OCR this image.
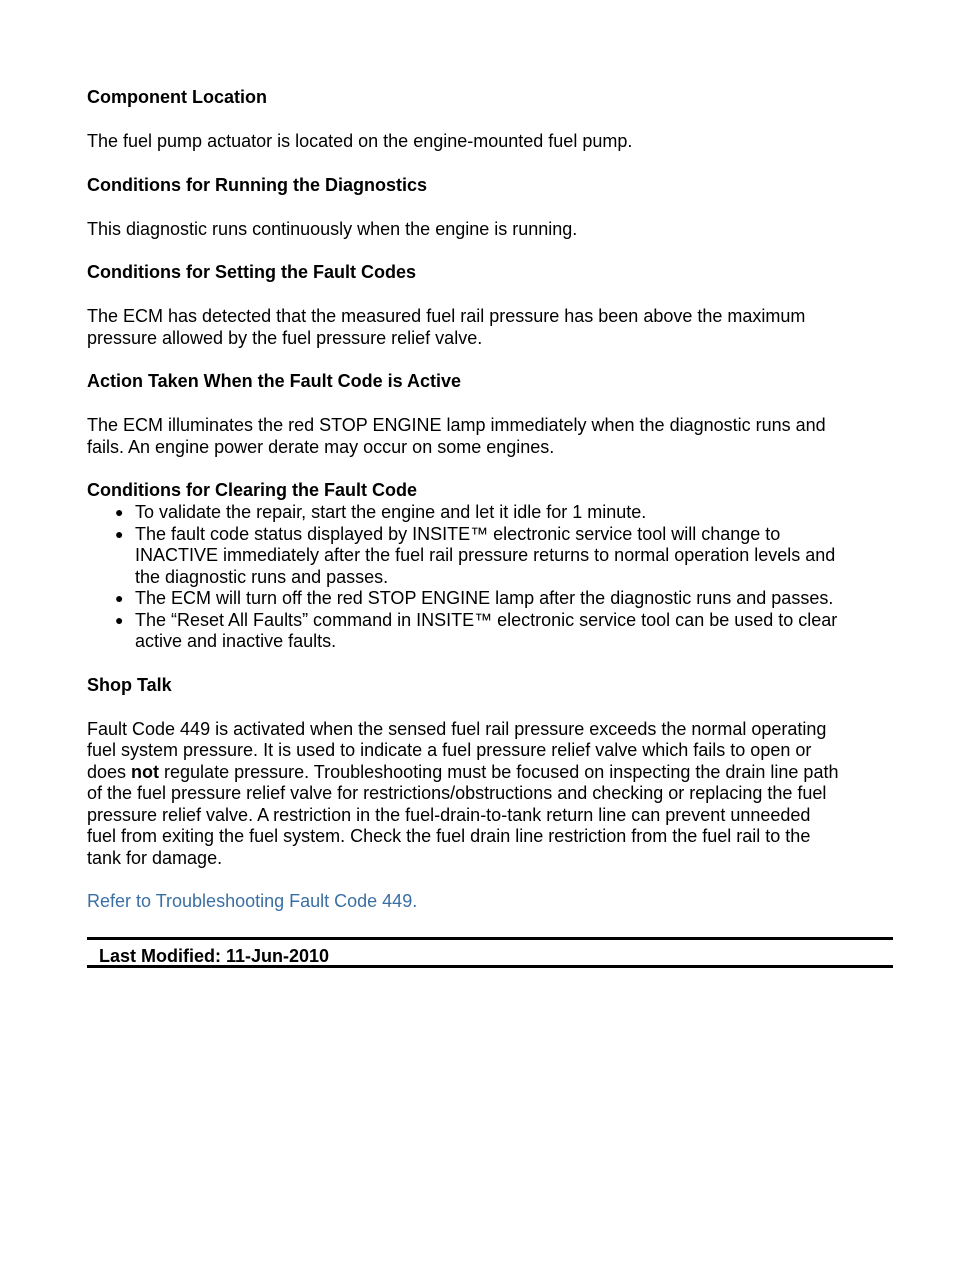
Component Location

The fuel pump actuator is located on the engine-mounted fuel pump.

Conditions for Running the Diagnostics

This diagnostic runs continuously when the engine is running.

Conditions for Setting the Fault Codes
The ECM has detected that the measured fuel rail pressure has been above the maximum
pressure allowed by the fuel pressure relief valve.
Action Taken When the Fault Code is Active
The ECM illuminates the red STOP ENGINE lamp immediately when the diagnostic runs and
fails. An engine power derate may occur on some engines.
Conditions for Clearing the Fault Code
● To validate the repair, start the engine and let it idle for 1 minute.
● The fault code status displayed by INSITE™ electronic service tool will change to
INACTIVE immediately after the fuel rail pressure returns to normal operation levels and
the diagnostic runs and passes.
● The ECM will turn off the red STOP ENGINE lamp after the diagnostic runs and passes.
● The “Reset All Faults” command in INSITE™ electronic service tool can be used to clear
active and inactive faults.
Shop Talk
Fault Code 449 is activated when the sensed fuel rail pressure exceeds the normal operating
fuel system pressure. It is used to indicate a fuel pressure relief valve which fails to open or
does not regulate pressure. Troubleshooting must be focused on inspecting the drain line path
of the fuel pressure relief valve for restrictions/obstructions and checking or replacing the fuel
pressure relief valve. A restriction in the fuel-drain-to-tank return line can prevent unneeded
fuel from exiting the fuel system. Check the fuel drain line restriction from the fuel rail to the
tank for damage.

Refer to Troubleshooting Fault Code 449.

Last Modified: 11-Jun-2010
